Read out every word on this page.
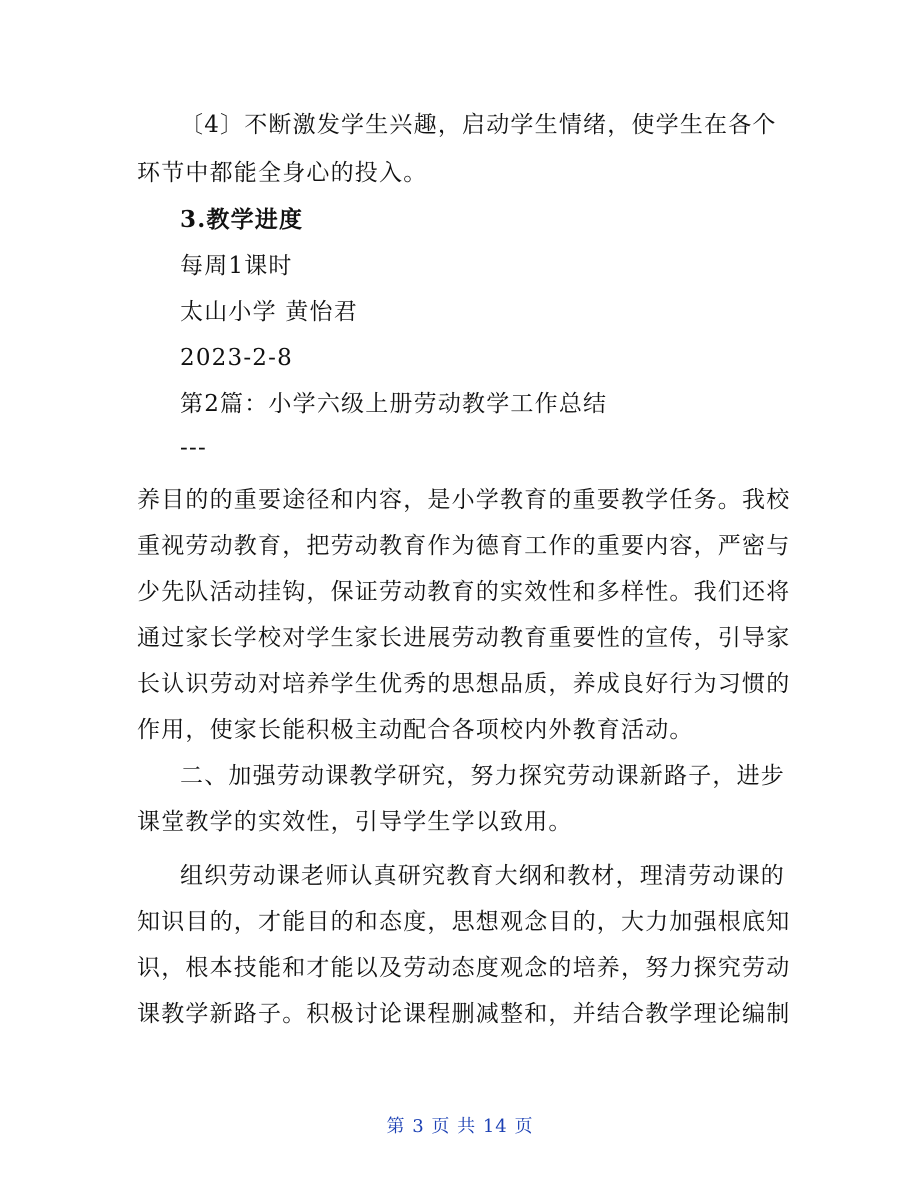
〔4〕不断激发学生兴趣，启动学生情绪，使学生在各个
环节中都能全身心的投入。
3.教学进度
每周1课时
太山小学 黄怡君
2023-2-8
第2篇：小学六级上册劳动教学工作总结
---
养目的的重要途径和内容，是小学教育的重要教学任务。我校
重视劳动教育，把劳动教育作为德育工作的重要内容，严密与
少先队活动挂钩，保证劳动教育的实效性和多样性。我们还将
通过家长学校对学生家长进展劳动教育重要性的宣传，引导家
长认识劳动对培养学生优秀的思想品质，养成良好行为习惯的
作用，使家长能积极主动配合各项校内外教育活动。
二、加强劳动课教学研究，努力探究劳动课新路子，进步
课堂教学的实效性，引导学生学以致用。
组织劳动课老师认真研究教育大纲和教材，理清劳动课的
知识目的，才能目的和态度，思想观念目的，大力加强根底知
识，根本技能和才能以及劳动态度观念的培养，努力探究劳动
课教学新路子。积极讨论课程删减整和，并结合教学理论编制
第 3 页 共 14 页
